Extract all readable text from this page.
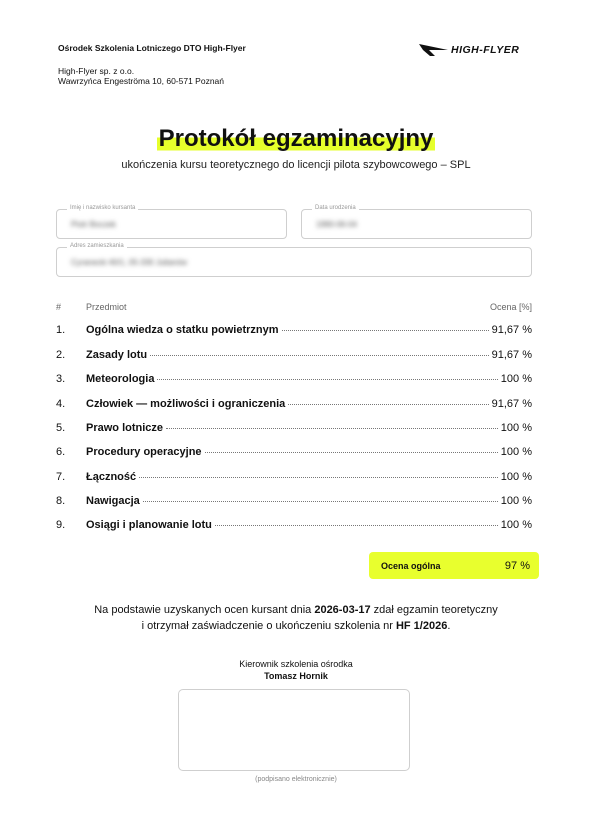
Ośrodek Szkolenia Lotniczego DTO High-Flyer
High-Flyer sp. z o.o.
Wawrzyńca Engeströma 10, 60-571 Poznań
HIGH-FLYER
Protokół egzaminacyjny
ukończenia kursu teoretycznego do licencji pilota szybowcowego – SPL
Imię i nazwisko kursanta
Piotr Boczek
Data urodzenia
1990-06-04
Adres zamieszkania
Cyranecki 40/1, 05-330 Julianów
#	Przedmiot	Ocena [%]
1.	Ogólna wiedza o statku powietrznym	91,67 %
2.	Zasady lotu	91,67 %
3.	Meteorologia	100 %
4.	Człowiek — możliwości i ograniczenia	91,67 %
5.	Prawo lotnicze	100 %
6.	Procedury operacyjne	100 %
7.	Łączność	100 %
8.	Nawigacja	100 %
9.	Osiągi i planowanie lotu	100 %
Ocena ogólna	97 %
Na podstawie uzyskanych ocen kursant dnia 2026-03-17 zdał egzamin teoretyczny
i otrzymał zaświadczenie o ukończeniu szkolenia nr HF 1/2026.
Kierownik szkolenia ośrodka
Tomasz Hornik
(podpisano elektronicznie)
